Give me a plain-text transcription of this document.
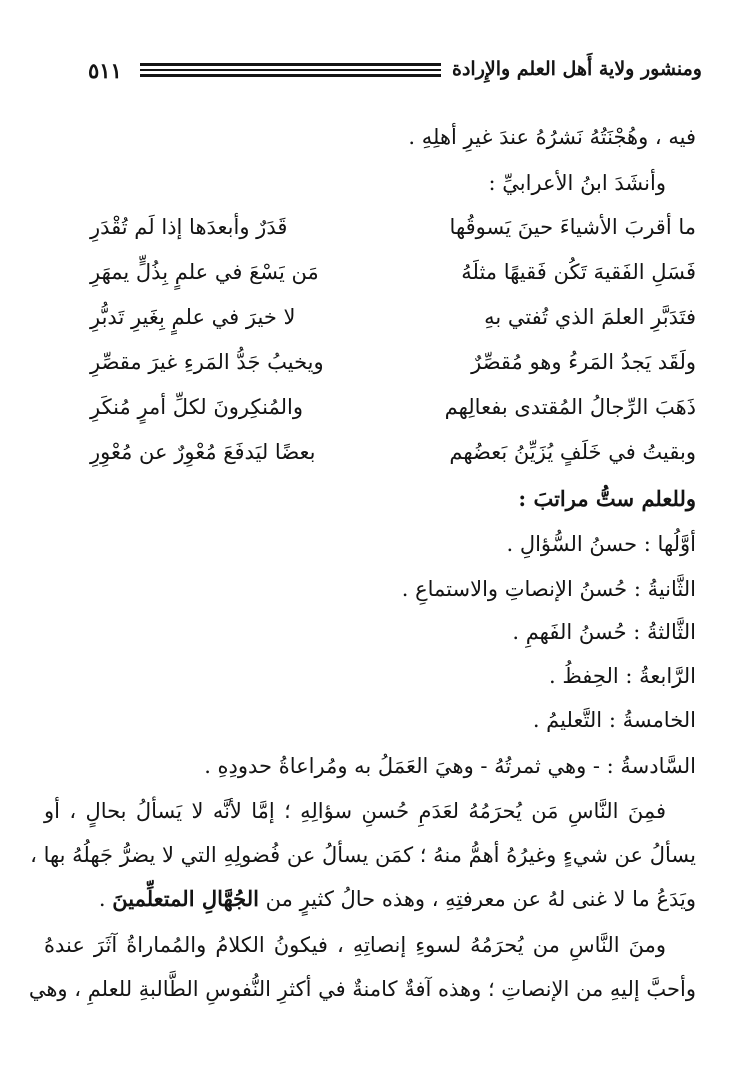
ومنشور ولاية أَهل العلم والإِرادة
٥١١
فيه ، وهُجْنَتُهُ نَشرُهُ عندَ غيرِ أهلِهِ .
وأنشَدَ ابنُ الأعرابيِّ :
ما أقربَ الأشياءَ حينَ يَسوقُها
قَدَرٌ وأبعدَها إذا لَم تُقْدَرِ
فَسَلِ الفَقيهَ تَكُن فَقيهًا مثلَهُ
مَن يَسْعَ في علمٍ بِذُلٍّ يمهَرِ
فتَدَبَّرِ العلمَ الذي تُفتي بهِ
لا خيرَ في علمٍ بِغَيرِ تَدبُّرِ
ولَقَد يَجدُ المَرءُ وهو مُقصِّرٌ
ويخيبُ جَدُّ المَرءِ غيرَ مقصِّرِ
ذَهَبَ الرِّجالُ المُقتدى بفعالِهم
والمُنكِرونَ لكلِّ أمرٍ مُنكَرِ
وبقيتُ في خَلَفٍ يُزَيِّنُ بَعضُهم
بعضًا ليَدفَعَ مُعْوِرٌ عن مُعْوِرِ
وللعلم ستُّ مراتبَ :
أوَّلُها : حسنُ السُّؤالِ .
الثَّانيةُ : حُسنُ الإنصاتِ والاستماعِ .
الثَّالثةُ : حُسنُ الفَهمِ .
الرَّابعةُ : الحِفظُ .
الخامسةُ : التَّعليمُ .
السَّادسةُ : - وهي ثمرتُهُ - وهيَ العَمَلُ به ومُراعاةُ حدودِهِ .
فمِنَ النَّاسِ مَن يُحرَمُهُ لعَدَمِ حُسنِ سؤالِهِ ؛ إمَّا لأنَّه لا يَسألُ بحالٍ ، أو
يسألُ عن شيءٍ وغيرُهُ أهمُّ منهُ ؛ كمَن يسألُ عن فُضولِهِ التي لا يضرُّ جَهلُهُ بها ،
ويَدَعُ ما لا غنى لهُ عن معرفتِهِ ، وهذه حالُ كثيرٍ من الجُهَّالِ المتعلِّمينَ .
ومنَ النَّاسِ من يُحرَمُهُ لسوءِ إنصاتِهِ ، فيكونُ الكلامُ والمُماراةُ آثَرَ عندهُ
وأحبَّ إليهِ من الإنصاتِ ؛ وهذه آفةٌ كامنةٌ في أكثرِ النُّفوسِ الطَّالبةِ للعلمِ ، وهي
